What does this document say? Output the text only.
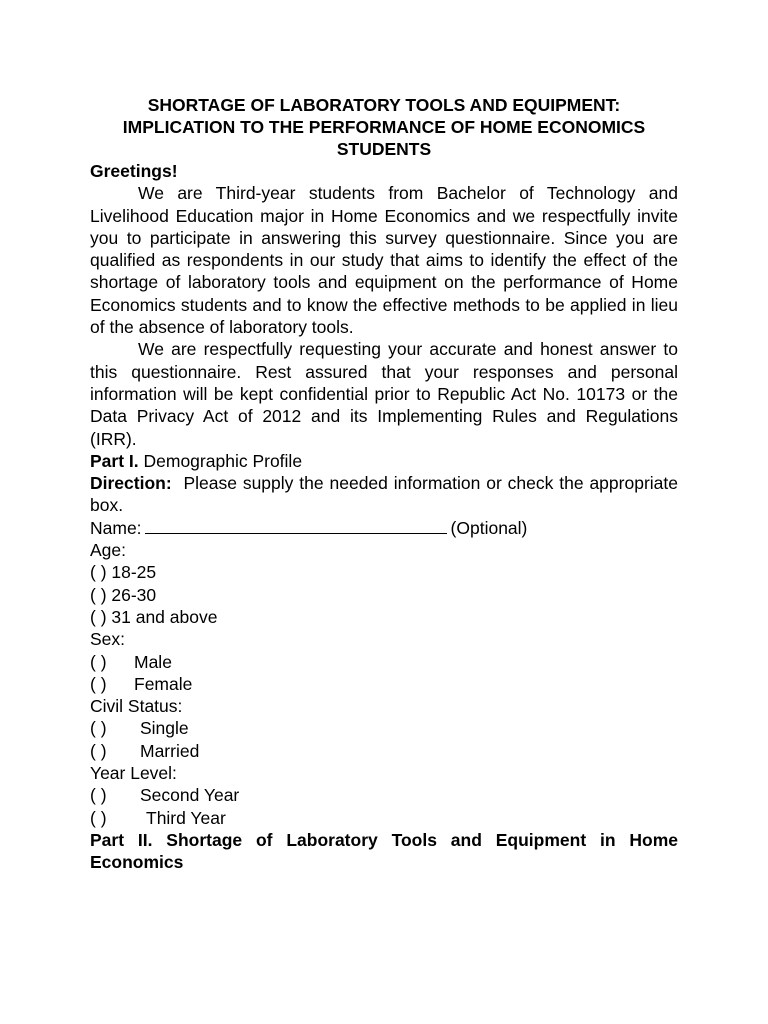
SHORTAGE OF LABORATORY TOOLS AND EQUIPMENT:
IMPLICATION TO THE PERFORMANCE OF HOME ECONOMICS
STUDENTS

Greetings!

We are Third-year students from Bachelor of Technology and Livelihood Education major in Home Economics and we respectfully invite you to participate in answering this survey questionnaire. Since you are qualified as respondents in our study that aims to identify the effect of the shortage of laboratory tools and equipment on the performance of Home Economics students and to know the effective methods to be applied in lieu of the absence of laboratory tools.

We are respectfully requesting your accurate and honest answer to this questionnaire. Rest assured that your responses and personal information will be kept confidential prior to Republic Act No. 10173 or the Data Privacy Act of 2012 and its Implementing Rules and Regulations (IRR).

Part I. Demographic Profile

Direction:  Please supply the needed information or check the appropriate box.

Name:	(Optional)

Age:

( ) 18-25
( ) 26-30
( ) 31 and above

Sex:

( ) Male
( ) Female

Civil Status:

( ) Single
( ) Married

Year Level:

( ) Second Year
( ) Third Year

Part II. Shortage of Laboratory Tools and Equipment in Home Economics
